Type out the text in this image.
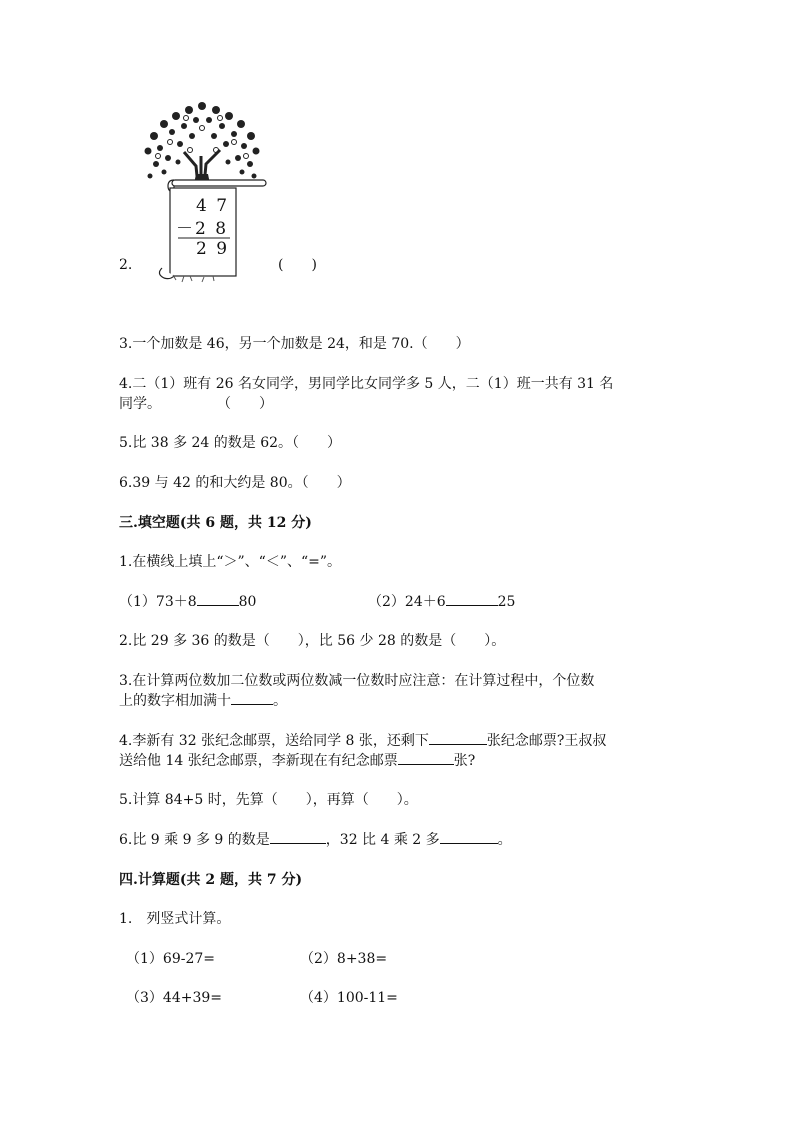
4 7
－2 8
2 9
2.	(　　)
3.一个加数是 46，另一个加数是 24，和是 70.（　　）
4.二（1）班有 26 名女同学，男同学比女同学多 5 人，二（1）班一共有 31 名
同学。　　　　　（　　）
5.比 38 多 24 的数是 62。（　　）
6.39 与 42 的和大约是 80。（　　）
三.填空题(共 6 题，共 12 分)
1.在横线上填上“＞”、“＜”、“=”。
（1）73＋8	80	（2）24＋6	25
2.比 29 多 36 的数是（　　），比 56 少 28 的数是（　　）。
3.在计算两位数加二位数或两位数减一位数时应注意：在计算过程中，个位数
上的数字相加满十	。
4.李新有 32 张纪念邮票，送给同学 8 张，还剩下	张纪念邮票?王叔叔
送给他 14 张纪念邮票，李新现在有纪念邮票	张?
5.计算 84+5 时，先算（　　），再算（　　）。
6.比 9 乘 9 多 9 的数是	，32 比 4 乘 2 多	。
四.计算题(共 2 题，共 7 分)
1.　列竖式计算。
（1）69-27=	（2）8+38=
（3）44+39=	（4）100-11=
